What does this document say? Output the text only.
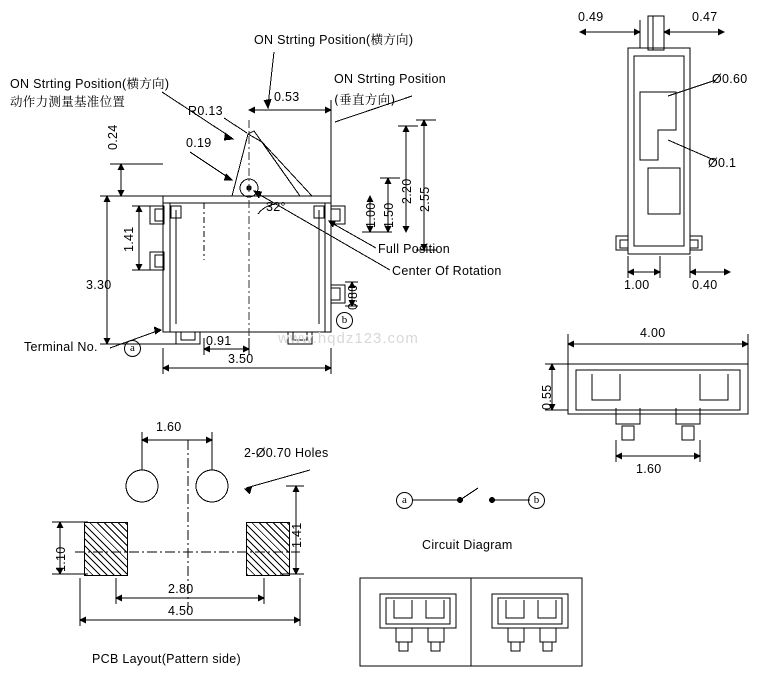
www.hqdz123.com
ON Strting Position(横方向)
ON Strting Position(横方向)
动作力测量基准位置
ON Strting Position
(垂直方向)
Full Position
Center Of Rotation
Terminal No.
R0.13
0.19
0.24
0.53
3.30
1.41
0.91
3.50
0.80
1.00 1.50
2.20 2.55
32°
a
b
0.49	0.47
Ø0.60
Ø0.1
1.00	0.40
4.00
0.55
1.60
1.60
2-Ø0.70 Holes
1.41
1.10
2.80
4.50
PCB Layout(Pattern side)
a	b
Circuit Diagram
